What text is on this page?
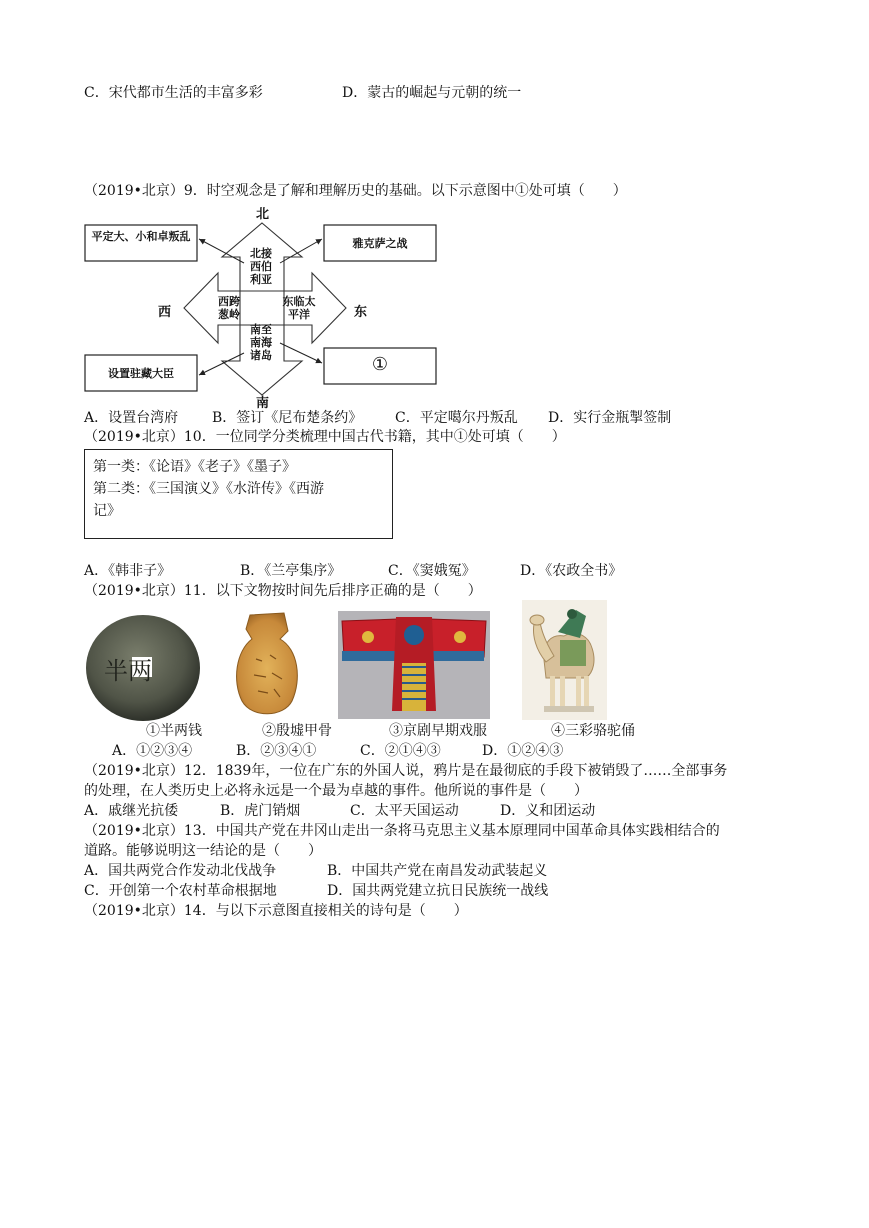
C．宋代都市生活的丰富多彩	D．蒙古的崛起与元朝的统一
（2019•北京）9．时空观念是了解和理解历史的基础。以下示意图中①处可填（　　）
北
南
西	东
北接西伯利亚
西跨葱岭
东临太平洋
南至南海诸岛
平定大、小和卓叛乱
雅克萨之战
设置驻藏大臣	①
A．设置台湾府 B．签订《尼布楚条约》 C．平定噶尔丹叛乱 D．实行金瓶掣签制
（2019•北京）10．一位同学分类梳理中国古代书籍，其中①处可填（　　）
第一类：《论语》《老子》《墨子》
第二类：《三国演义》《水浒传》《西游
记》
A．《韩非子》	B．《兰亭集序》	C．《窦娥冤》	D．《农政全书》
（2019•北京）11．以下文物按时间先后排序正确的是（　　）
半两
①半两钱	②殷墟甲骨	③京剧早期戏服	④三彩骆驼俑
A．①②③④	B．②③④①	C．②①④③	D．①②④③
（2019•北京）12．1839年，一位在广东的外国人说，鸦片是在最彻底的手段下被销毁了……全部事务
的处理，在人类历史上必将永远是一个最为卓越的事件。他所说的事件是（　　）
A．戚继光抗倭	B．虎门销烟	C．太平天国运动	D．义和团运动
（2019•北京）13．中国共产党在井冈山走出一条将马克思主义基本原理同中国革命具体实践相结合的
道路。能够说明这一结论的是（　　）
A．国共两党合作发动北伐战争	B．中国共产党在南昌发动武装起义
C．开创第一个农村革命根据地	D．国共两党建立抗日民族统一战线
（2019•北京）14．与以下示意图直接相关的诗句是（　　）
